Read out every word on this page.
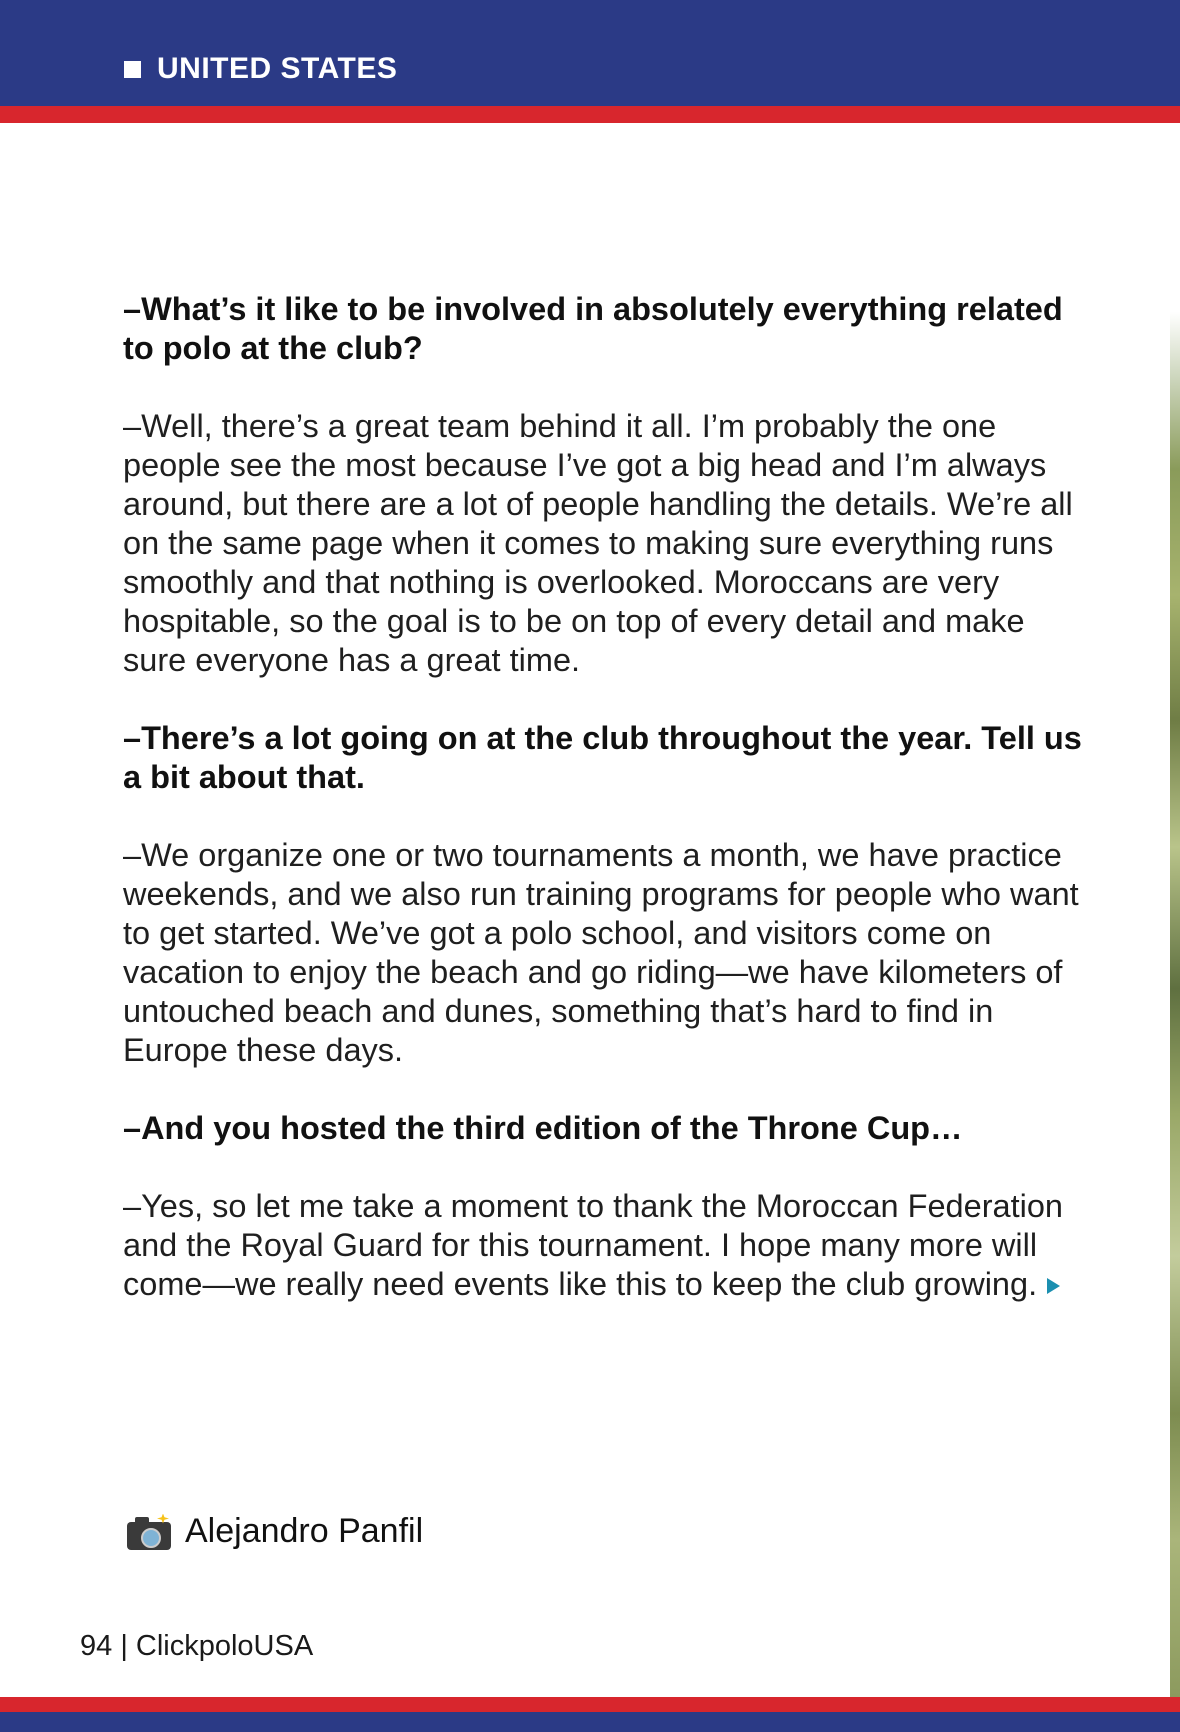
UNITED STATES

–What’s it like to be involved in absolutely everything related to polo at the club?

–Well, there’s a great team behind it all. I’m probably the one people see the most because I’ve got a big head and I’m always around, but there are a lot of people handling the details. We’re all on the same page when it comes to making sure everything runs smoothly and that nothing is overlooked. Moroccans are very hospitable, so the goal is to be on top of every detail and make sure everyone has a great time.

–There’s a lot going on at the club throughout the year. Tell us a bit about that.

–We organize one or two tournaments a month, we have practice weekends, and we also run training programs for people who want to get started. We’ve got a polo school, and visitors come on vacation to enjoy the beach and go riding—we have kilometers of untouched beach and dunes, something that’s hard to find in Europe these days.

–And you hosted the third edition of the Throne Cup…

–Yes, so let me take a moment to thank the Moroccan Federation and the Royal Guard for this tournament. I hope many more will come—we really need events like this to keep the club growing.

Alejandro Panfil
94 | ClickpoloUSA
